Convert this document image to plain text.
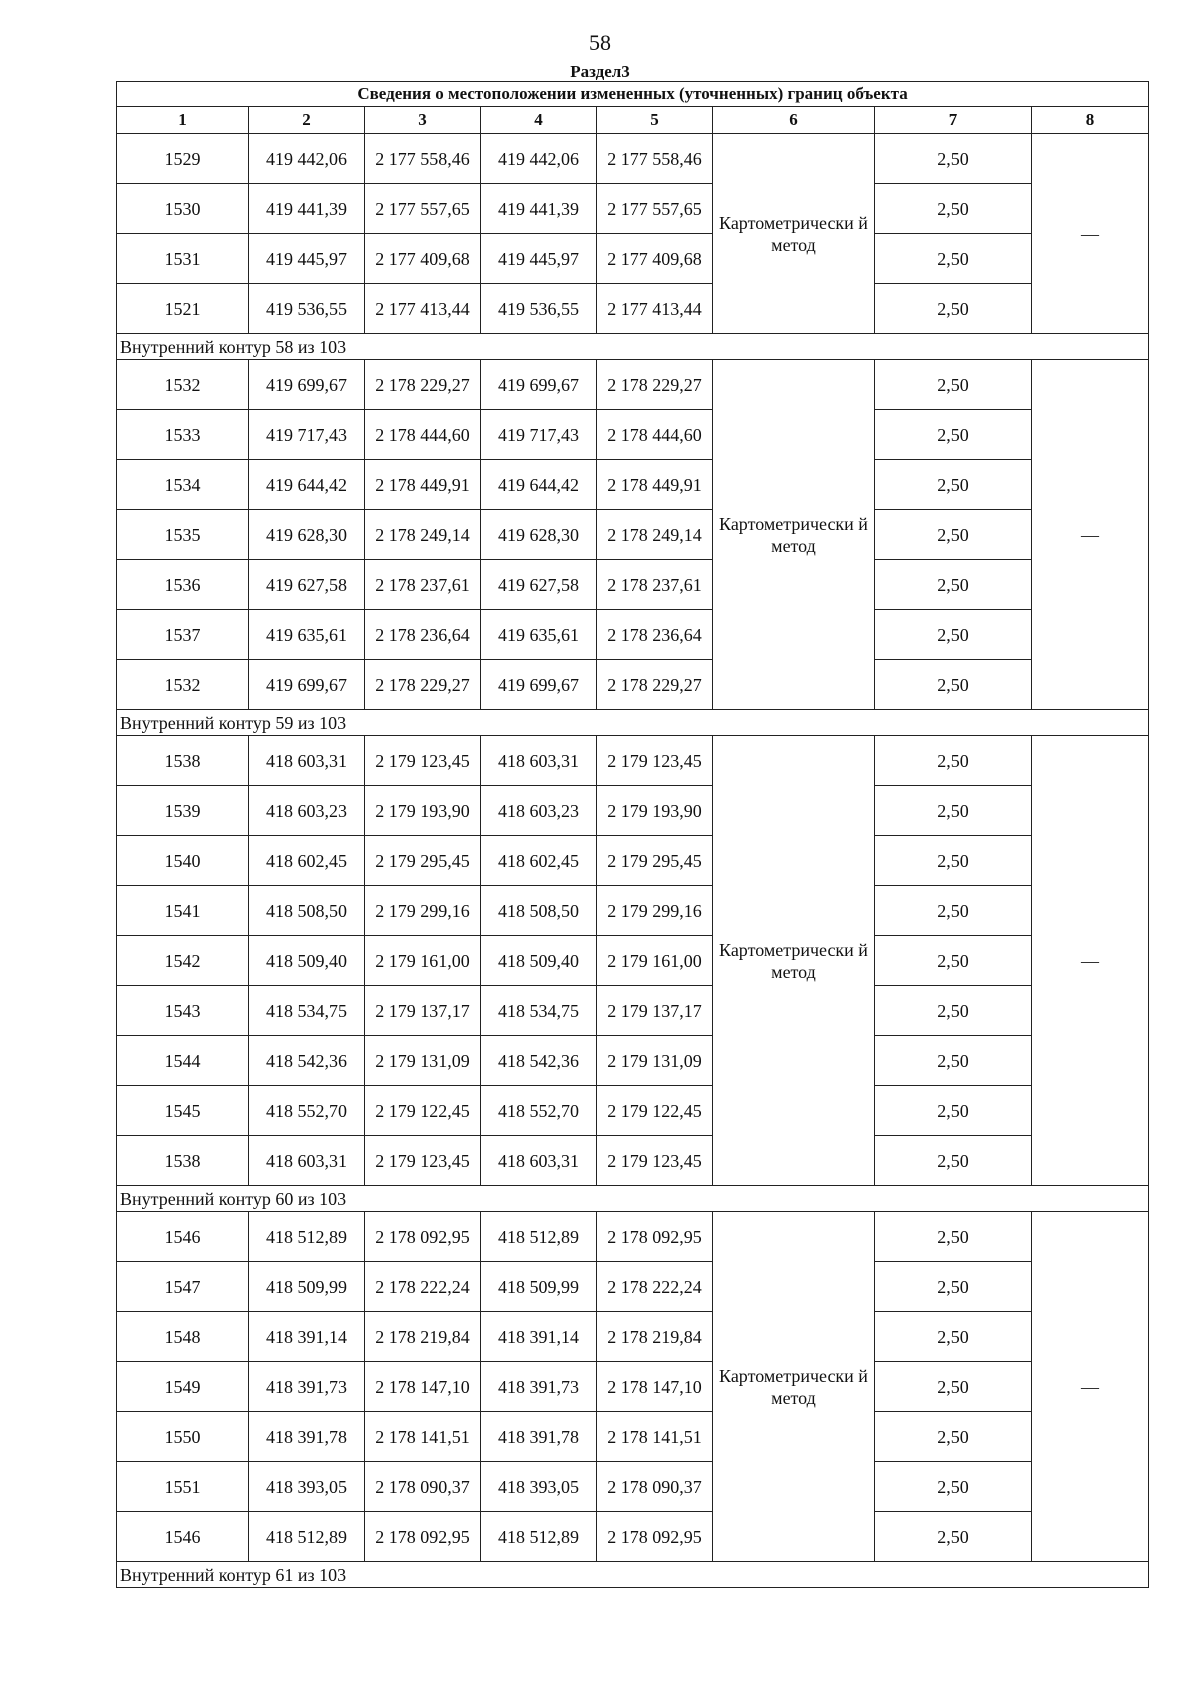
58
Раздел3
Сведения о местоположении измененных (уточненных) границ объекта							
1	2	3	4	5	6	7	8
1529	419 442,06	2 177 558,46	419 442,06	2 177 558,46	Картометрически й метод	2,50	—
1530	419 441,39	2 177 557,65	419 441,39	2 177 557,65		2,50	
1531	419 445,97	2 177 409,68	419 445,97	2 177 409,68		2,50	
1521	419 536,55	2 177 413,44	419 536,55	2 177 413,44		2,50	
Внутренний контур 58 из 103							
1532	419 699,67	2 178 229,27	419 699,67	2 178 229,27	Картометрически й метод	2,50	—
1533	419 717,43	2 178 444,60	419 717,43	2 178 444,60		2,50	
1534	419 644,42	2 178 449,91	419 644,42	2 178 449,91		2,50	
1535	419 628,30	2 178 249,14	419 628,30	2 178 249,14		2,50	
1536	419 627,58	2 178 237,61	419 627,58	2 178 237,61		2,50	
1537	419 635,61	2 178 236,64	419 635,61	2 178 236,64		2,50	
1532	419 699,67	2 178 229,27	419 699,67	2 178 229,27		2,50	
Внутренний контур 59 из 103							
1538	418 603,31	2 179 123,45	418 603,31	2 179 123,45	Картометрически й метод	2,50	—
1539	418 603,23	2 179 193,90	418 603,23	2 179 193,90		2,50	
1540	418 602,45	2 179 295,45	418 602,45	2 179 295,45		2,50	
1541	418 508,50	2 179 299,16	418 508,50	2 179 299,16		2,50	
1542	418 509,40	2 179 161,00	418 509,40	2 179 161,00		2,50	
1543	418 534,75	2 179 137,17	418 534,75	2 179 137,17		2,50	
1544	418 542,36	2 179 131,09	418 542,36	2 179 131,09		2,50	
1545	418 552,70	2 179 122,45	418 552,70	2 179 122,45		2,50	
1538	418 603,31	2 179 123,45	418 603,31	2 179 123,45		2,50	
Внутренний контур 60 из 103							
1546	418 512,89	2 178 092,95	418 512,89	2 178 092,95	Картометрически й метод	2,50	—
1547	418 509,99	2 178 222,24	418 509,99	2 178 222,24		2,50	
1548	418 391,14	2 178 219,84	418 391,14	2 178 219,84		2,50	
1549	418 391,73	2 178 147,10	418 391,73	2 178 147,10		2,50	
1550	418 391,78	2 178 141,51	418 391,78	2 178 141,51		2,50	
1551	418 393,05	2 178 090,37	418 393,05	2 178 090,37		2,50	
1546	418 512,89	2 178 092,95	418 512,89	2 178 092,95		2,50	
Внутренний контур 61 из 103							
